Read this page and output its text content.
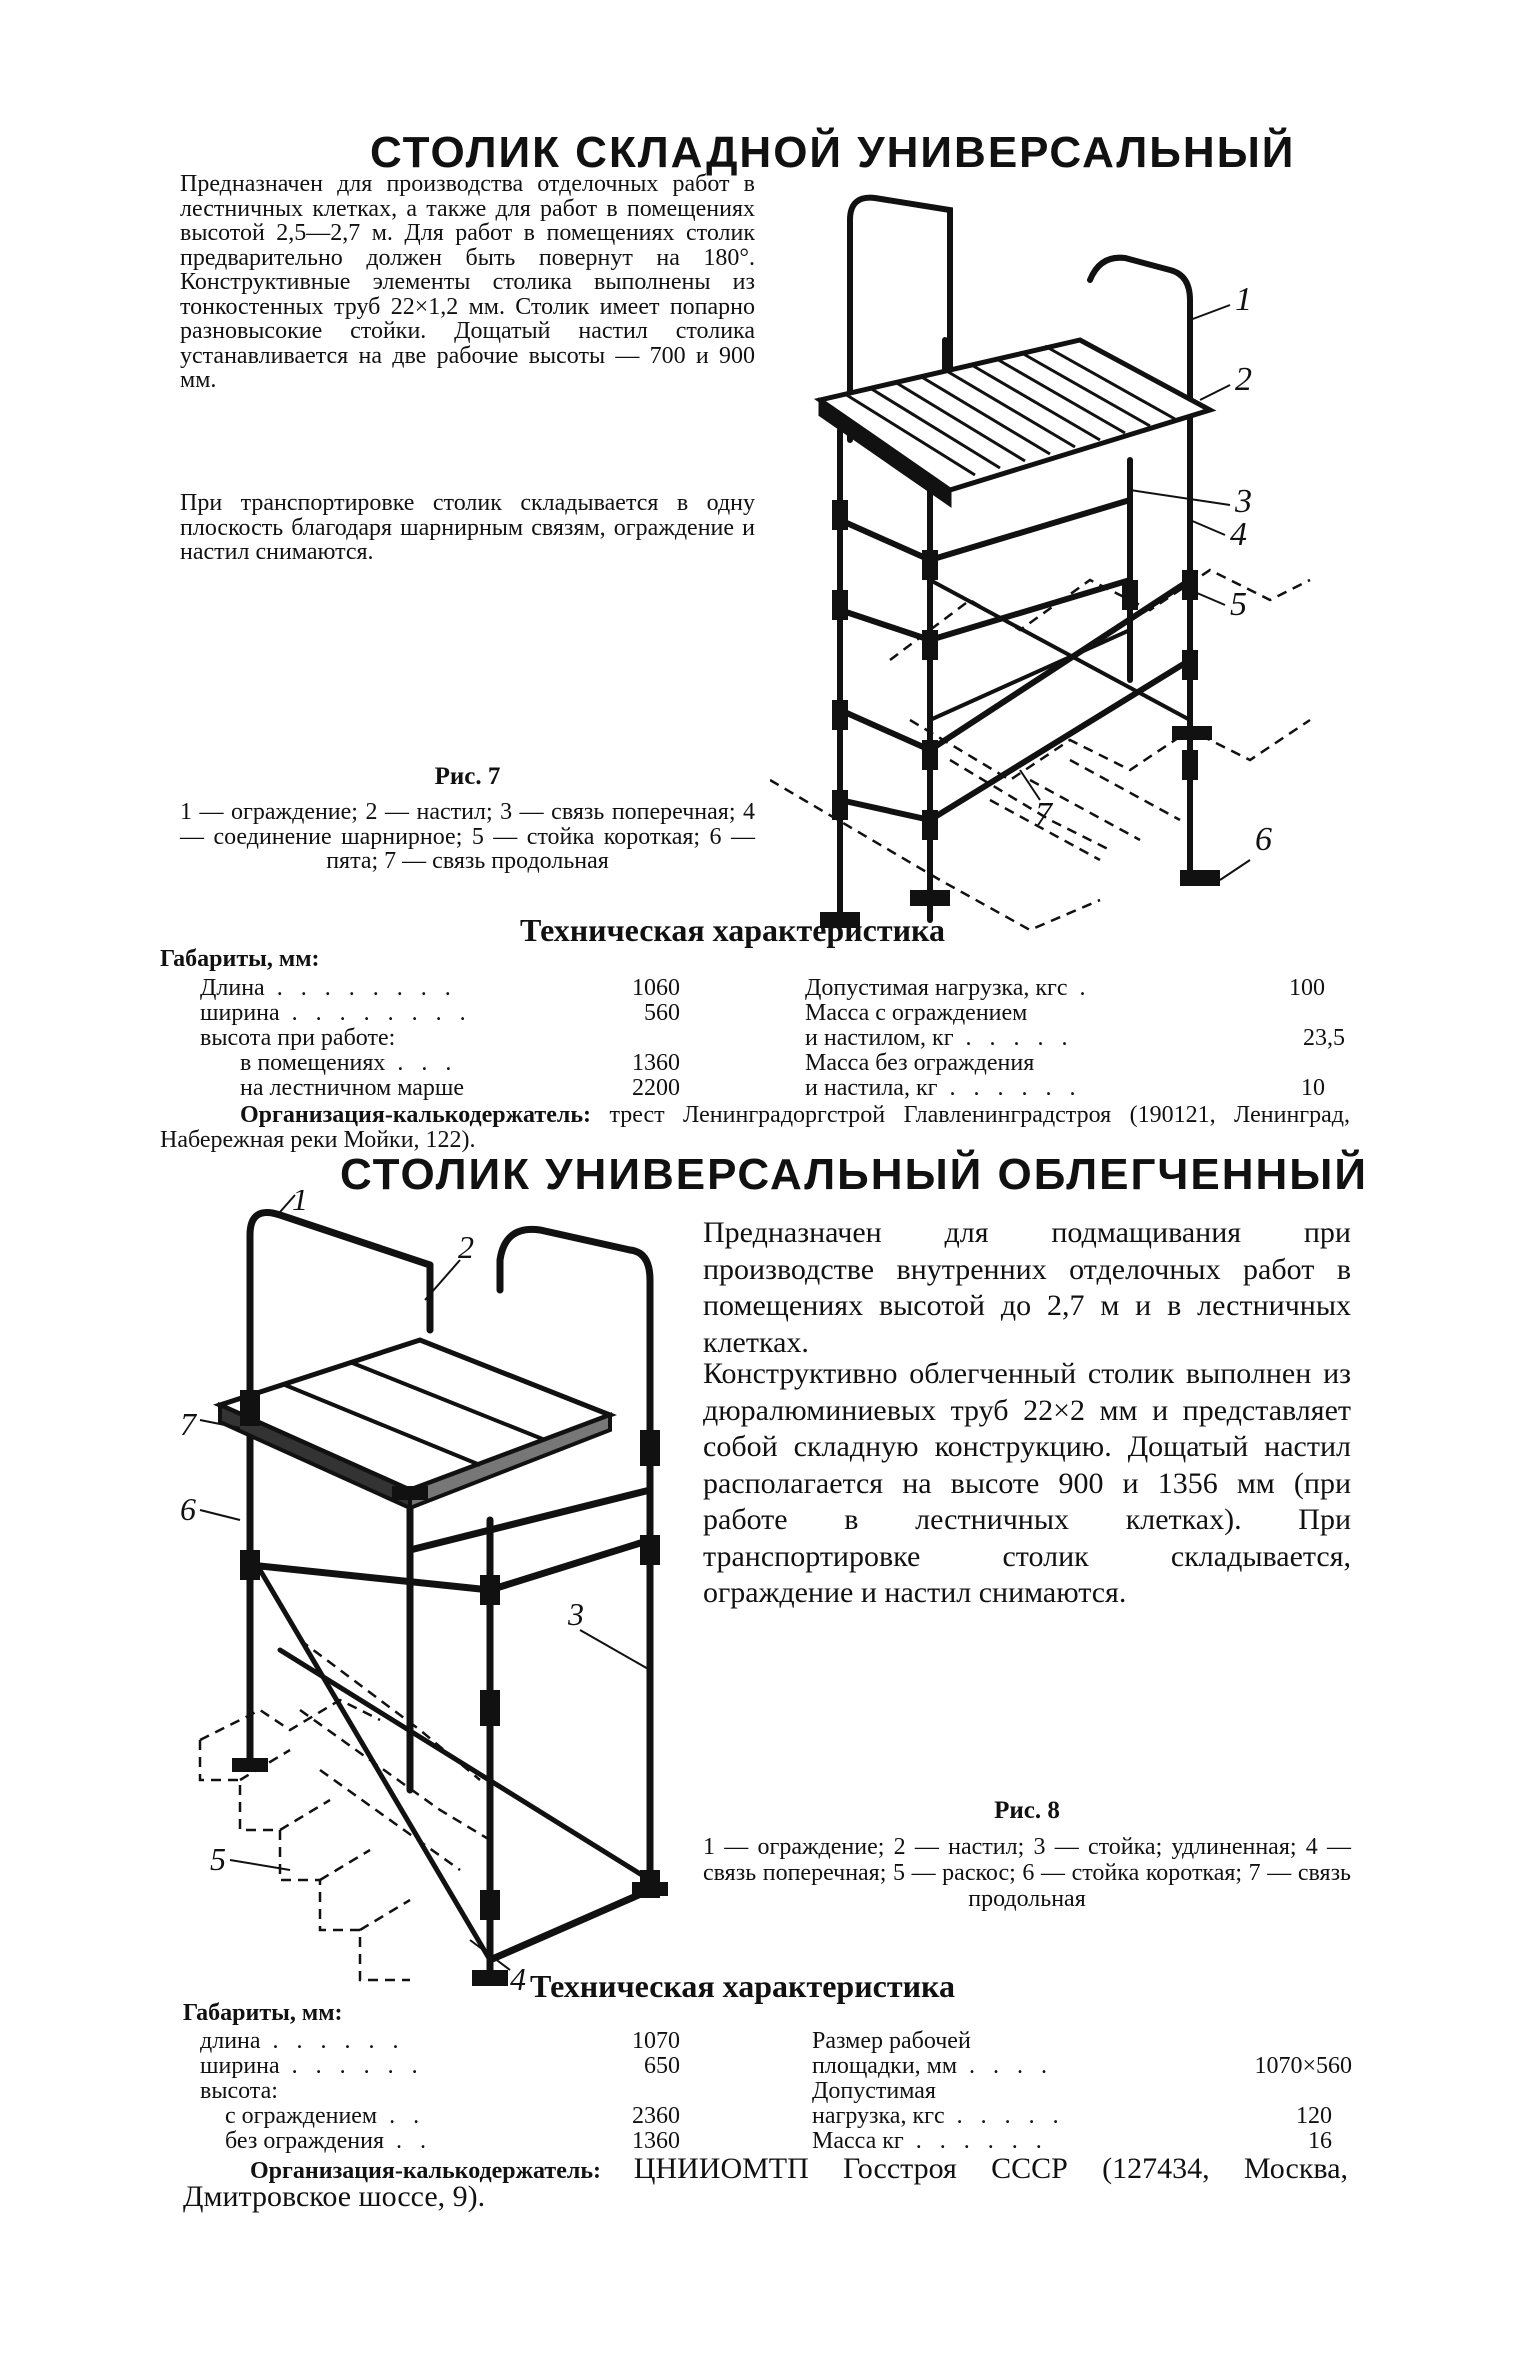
СТОЛИК СКЛАДНОЙ УНИВЕРСАЛЬНЫЙ

Предназначен для производства отделочных работ в лестничных клетках, а также для работ в помещениях высотой 2,5—2,7 м. Для работ в помещениях столик предварительно должен быть повернут на 180°. Конструктивные элементы столика выполнены из тонкостенных труб 22×1,2 мм. Столик имеет попарно разновысокие стойки. Дощатый настил столика устанавливается на две рабочие высоты — 700 и 900 мм.

При транспортировке столик складывается в одну плоскость благодаря шарнирным связям, ограждение и настил снимаются.

1
2
3
4
5
6
7
Рис. 7

1 — ограждение; 2 — настил; 3 — связь поперечная; 4 — соединение шарнирное; 5 — стойка короткая; 6 — пята; 7 — связь продольная

Техническая характеристика
Габариты, мм:
Длина . . . . . . . .	1060
ширина . . . . . . . .	560
высота при работе:
в помещениях . . .	1360
на лестничном марше	2200
Допустимая нагрузка, кгс .	100
Масса с ограждением
и настилом, кг . . . . .	23,5
Масса без ограждения
и настила, кг . . . . . .	10

Организация-калькодержатель: трест Ленинградоргстрой Главленинградстроя (190121, Ленинград, Набережная реки Мойки, 122).

СТОЛИК УНИВЕРСАЛЬНЫЙ ОБЛЕГЧЕННЫЙ
1
2
3
4
5
6
7

Предназначен для подмащивания при производстве внутренних отделочных работ в помещениях высотой до 2,7 м и в лестничных клетках.

Конструктивно облегченный столик выполнен из дюралюминиевых труб 22×2 мм и представляет собой складную конструкцию. Дощатый настил располагается на высоте 900 и 1356 мм (при работе в лестничных клетках). При транспортировке столик складывается, ограждение и настил снимаются.

Рис. 8

1 — ограждение; 2 — настил; 3 — стойка; удлиненная; 4 — связь поперечная; 5 — раскос; 6 — стойка короткая; 7 — связь продольная

Техническая характеристика
Габариты, мм:
длина . . . . . .	1070
ширина . . . . . .	650
высота:
с ограждением . .	2360
без ограждения . .	1360
Размер рабочей
площадки, мм . . . .	1070×560
Допустимая
нагрузка, кгс . . . . .	120
Масса кг . . . . . .	16

Организация-калькодержатель: ЦНИИОМТП Госстроя СССР (127434, Москва, Дмитровское шоссе, 9).
